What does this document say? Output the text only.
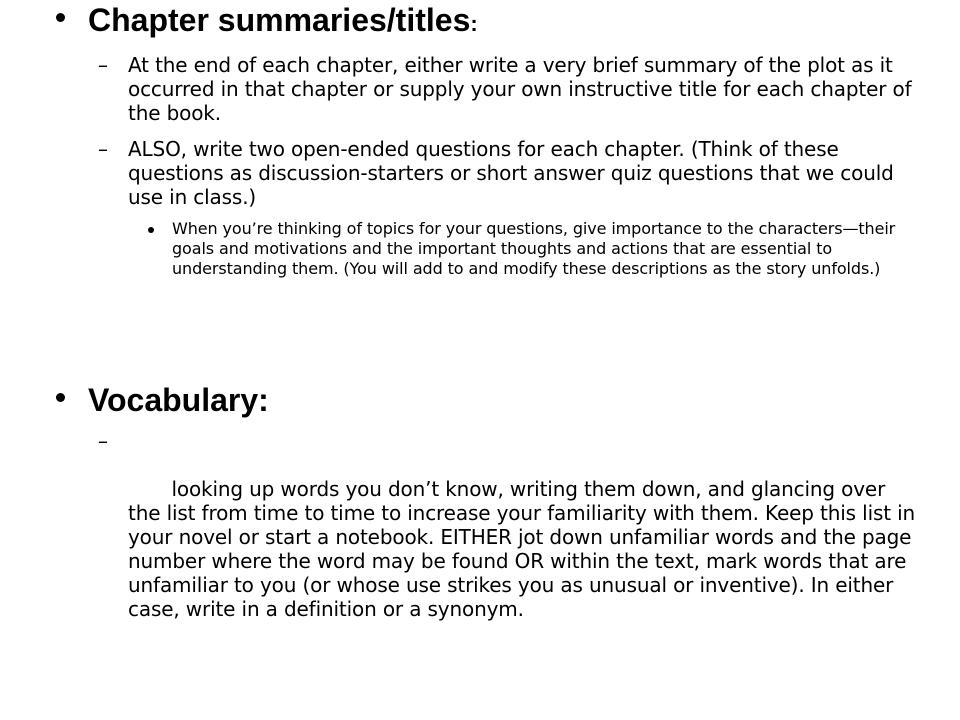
Chapter summaries/titles:
– At the end of each chapter, either write a very brief summary of the plot as it occurred in that chapter or supply your own instructive title for each chapter of the book.
– ALSO, write two open-ended questions for each chapter. (Think of these questions as discussion-starters or short answer quiz questions that we could use in class.)
When you’re thinking of topics for your questions, give importance to the characters—their goals and motivations and the important thoughts and actions that are essential to understanding them. (You will add to and modify these descriptions as the story unfolds.)
Vocabulary:

–

looking up words you don’t know, writing them down, and glancing over the list from time to time to increase your familiarity with them. Keep this list in your novel or start a notebook. EITHER jot down unfamiliar words and the page number where the word may be found OR within the text, mark words that are unfamiliar to you (or whose use strikes you as unusual or inventive). In either case, write in a definition or a synonym.
